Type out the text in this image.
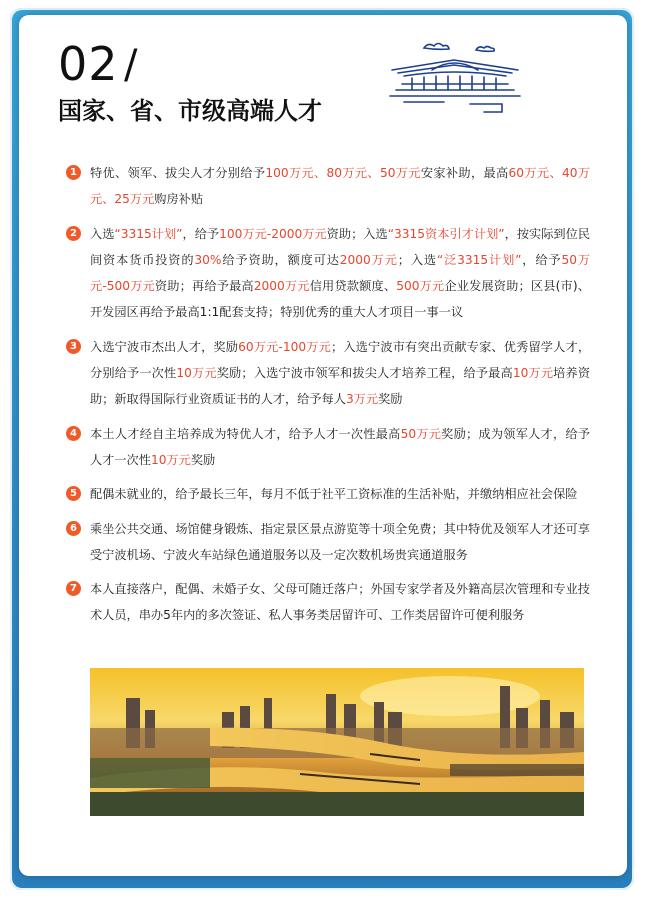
02 /
国家、省、市级高端人才
1	特优、领军、拔尖人才分别给予100万元、80万元、50万元安家补助，最高60万元、40万元、25万元购房补贴
2	入选“3315计划”，给予100万元-2000万元资助；入选“3315资本引才计划”，按实际到位民间资本货币投资的30%给予资助，额度可达2000万元；入选“泛3315计划”，给予50万元-500万元资助；再给予最高2000万元信用贷款额度、500万元企业发展资助；区县(市)、开发园区再给予最高1:1配套支持；特别优秀的重大人才项目一事一议
3	入选宁波市杰出人才，奖励60万元-100万元；入选宁波市有突出贡献专家、优秀留学人才，分别给予一次性10万元奖励；入选宁波市领军和拔尖人才培养工程，给予最高10万元培养资助；新取得国际行业资质证书的人才，给予每人3万元奖励
4	本土人才经自主培养成为特优人才，给予人才一次性最高50万元奖励；成为领军人才，给予人才一次性10万元奖励
5	配偶未就业的，给予最长三年，每月不低于社平工资标准的生活补贴，并缴纳相应社会保险
6	乘坐公共交通、场馆健身锻炼、指定景区景点游览等十项全免费；其中特优及领军人才还可享受宁波机场、宁波火车站绿色通道服务以及一定次数机场贵宾通道服务
7	本人直接落户，配偶、未婚子女、父母可随迁落户；外国专家学者及外籍高层次管理和专业技术人员，串办5年内的多次签证、私人事务类居留许可、工作类居留许可便利服务
